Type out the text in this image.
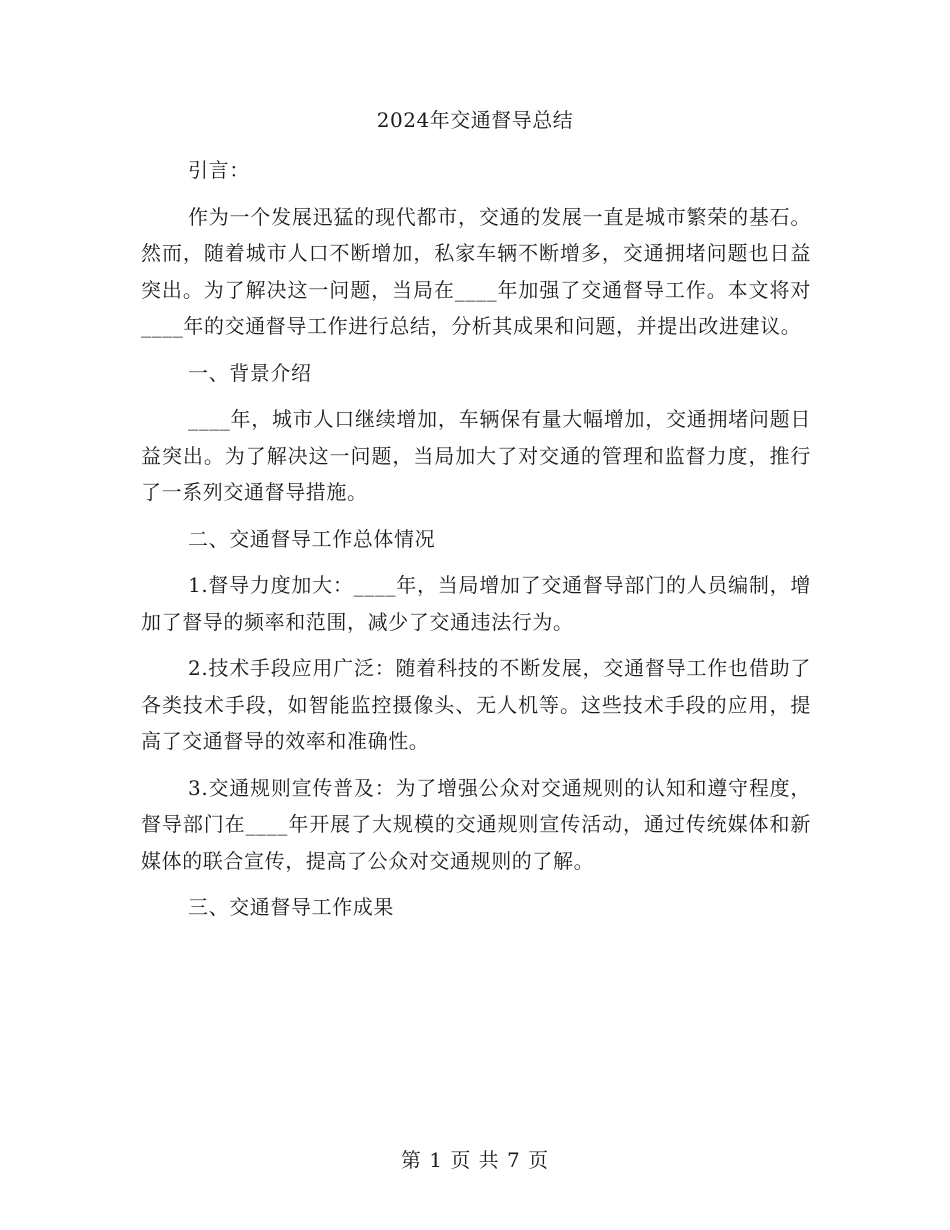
2024年交通督导总结

引言：

作为一个发展迅猛的现代都市，交通的发展一直是城市繁荣的基石。然而，随着城市人口不断增加，私家车辆不断增多，交通拥堵问题也日益突出。为了解决这一问题，当局在____年加强了交通督导工作。本文将对____年的交通督导工作进行总结，分析其成果和问题，并提出改进建议。

一、背景介绍

____年，城市人口继续增加，车辆保有量大幅增加，交通拥堵问题日益突出。为了解决这一问题，当局加大了对交通的管理和监督力度，推行了一系列交通督导措施。

二、交通督导工作总体情况

1.督导力度加大：____年，当局增加了交通督导部门的人员编制，增加了督导的频率和范围，减少了交通违法行为。

2.技术手段应用广泛：随着科技的不断发展，交通督导工作也借助了各类技术手段，如智能监控摄像头、无人机等。这些技术手段的应用，提高了交通督导的效率和准确性。

3.交通规则宣传普及：为了增强公众对交通规则的认知和遵守程度，督导部门在____年开展了大规模的交通规则宣传活动，通过传统媒体和新媒体的联合宣传，提高了公众对交通规则的了解。

三、交通督导工作成果

第 1 页 共 7 页
